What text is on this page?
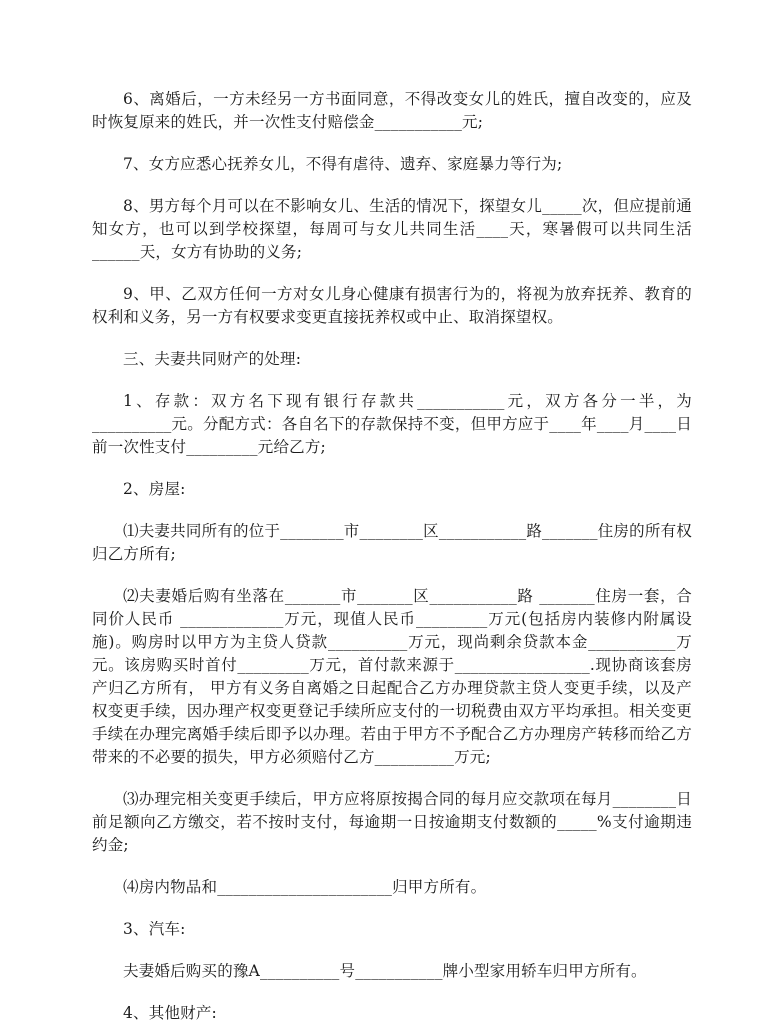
6、离婚后，一方未经另一方书面同意，不得改变女儿的姓氏，擅自改变的，应及时恢复原来的姓氏，并一次性支付赔偿金___________元;

7、女方应悉心抚养女儿，不得有虐待、遗弃、家庭暴力等行为;

8、男方每个月可以在不影响女儿、生活的情况下，探望女儿_____次，但应提前通知女方，也可以到学校探望，每周可与女儿共同生活____天，寒暑假可以共同生活______天，女方有协助的义务;

9、甲、乙双方任何一方对女儿身心健康有损害行为的，将视为放弃抚养、教育的权利和义务，另一方有权要求变更直接抚养权或中止、取消探望权。

三、夫妻共同财产的处理:

1、存款：双方名下现有银行存款共___________元，双方各分一半，为__________元。分配方式：各自名下的存款保持不变，但甲方应于____年____月____日前一次性支付_________元给乙方;

2、房屋:

⑴夫妻共同所有的位于________市________区___________路_______住房的所有权归乙方所有;

⑵夫妻婚后购有坐落在_______市_______区___________路 _______住房一套，合同价人民币 _____________万元，现值人民币_________万元(包括房内装修内附属设施)。购房时以甲方为主贷人贷款__________万元，现尚剩余贷款本金___________万元。该房购买时首付_________万元，首付款来源于_________________.现协商该套房产归乙方所有， 甲方有义务自离婚之日起配合乙方办理贷款主贷人变更手续，以及产权变更手续，因办理产权变更登记手续所应支付的一切税费由双方平均承担。相关变更手续在办理完离婚手续后即予以办理。若由于甲方不予配合乙方办理房产转移而给乙方带来的不必要的损失，甲方必须赔付乙方__________万元;

⑶办理完相关变更手续后，甲方应将原按揭合同的每月应交款项在每月________日前足额向乙方缴交，若不按时支付，每逾期一日按逾期支付数额的_____%支付逾期违约金;

⑷房内物品和______________________归甲方所有。

3、汽车:

夫妻婚后购买的豫A__________号___________牌小型家用轿车归甲方所有。

4、其他财产:
